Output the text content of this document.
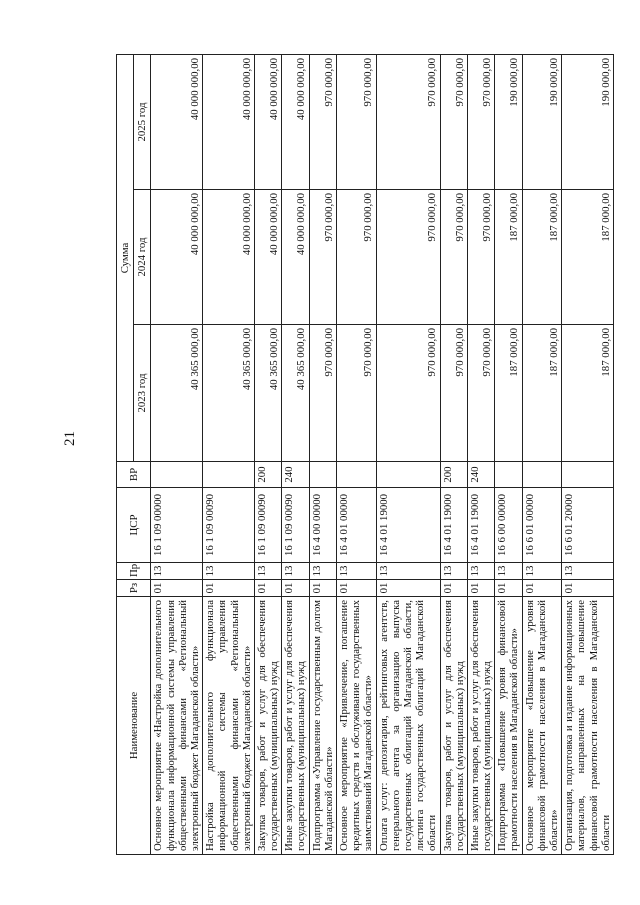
21
Наименование	Рз	Пр	ЦСР	ВР	Сумма		
					2023 год	2024 год	2025 год
Основное мероприятие «Настройка дополнительного функционала информационной системы управления общественными финансами «Региональный электронный бюджет Магаданской области»	01	13	16 1 09 00000		40 365 000,00	40 000 000,00	40 000 000,00
Настройка дополнительного функционала информационной системы управления общественными финансами «Региональный электронный бюджет Магаданской области»	01	13	16 1 09 00090		40 365 000,00	40 000 000,00	40 000 000,00
Закупка товаров, работ и услуг для обеспечения государственных (муниципальных) нужд	01	13	16 1 09 00090	200	40 365 000,00	40 000 000,00	40 000 000,00
Иные закупки товаров, работ и услуг для обеспечения государственных (муниципальных) нужд	01	13	16 1 09 00090	240	40 365 000,00	40 000 000,00	40 000 000,00
Подпрограмма «Управление государственным долгом Магаданской области»	01	13	16 4 00 00000		970 000,00	970 000,00	970 000,00
Основное мероприятие «Привлечение, погашение кредитных средств и обслуживание государственных заимствований Магаданской области»	01	13	16 4 01 00000		970 000,00	970 000,00	970 000,00
Оплата услуг: депозитария, рейтинговых агентств, генерального агента за организацию выпуска государственных облигаций Магаданской области, листинга государственных облигаций Магаданской области	01	13	16 4 01 19000		970 000,00	970 000,00	970 000,00
Закупка товаров, работ и услуг для обеспечения государственных (муниципальных) нужд	01	13	16 4 01 19000	200	970 000,00	970 000,00	970 000,00
Иные закупки товаров, работ и услуг для обеспечения государственных (муниципальных) нужд	01	13	16 4 01 19000	240	970 000,00	970 000,00	970 000,00
Подпрограмма «Повышение уровня финансовой грамотности населения в Магаданской области»	01	13	16 6 00 00000		187 000,00	187 000,00	190 000,00
Основное мероприятие «Повышение уровня финансовой грамотности населения в Магаданской области»	01	13	16 6 01 00000		187 000,00	187 000,00	190 000,00
Организация, подготовка и издание информационных материалов, направленных на повышение финансовой грамотности населения в Магаданской области	01	13	16 6 01 20000		187 000,00	187 000,00	190 000,00
